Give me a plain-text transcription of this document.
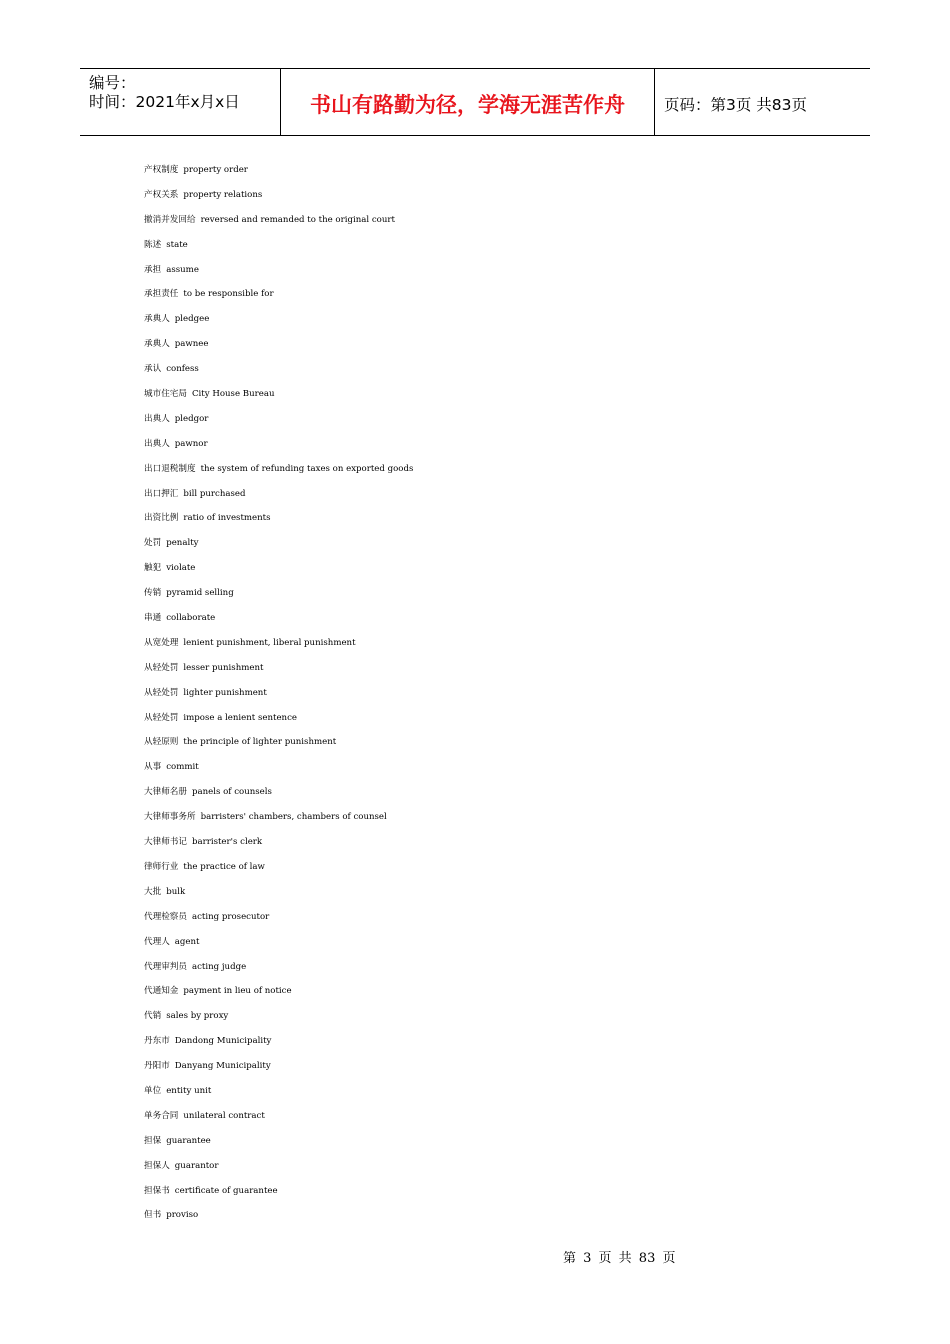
编号：
时间：2021年x月x日	书山有路勤为径，学海无涯苦作舟	页码：第3页 共83页
产权制度 property order
产权关系 property relations
撤消并发回给 reversed and remanded to the original court
陈述 state
承担 assume
承担责任 to be responsible for
承典人 pledgee
承典人 pawnee
承认 confess
城市住宅局 City House Bureau
出典人 pledgor
出典人 pawnor
出口退税制度 the system of refunding taxes on exported goods
出口押汇 bill purchased
出资比例 ratio of investments
处罚 penalty
触犯 violate
传销 pyramid selling
串通 collaborate
从宽处理 lenient punishment, liberal punishment
从轻处罚 lesser punishment
从轻处罚 lighter punishment
从轻处罚 impose a lenient sentence
从轻原则 the principle of lighter punishment
从事 commit
大律师名册 panels of counsels
大律师事务所 barristers' chambers, chambers of counsel
大律师书记 barrister's clerk
律师行业 the practice of law
大批 bulk
代理检察员 acting prosecutor
代理人 agent
代理审判员 acting judge
代通知金 payment in lieu of notice
代销 sales by proxy
丹东市 Dandong Municipality
丹阳市 Danyang Municipality
单位 entity unit
单务合同 unilateral contract
担保 guarantee
担保人 guarantor
担保书 certificate of guarantee
但书 proviso
第 3 页 共 83 页
